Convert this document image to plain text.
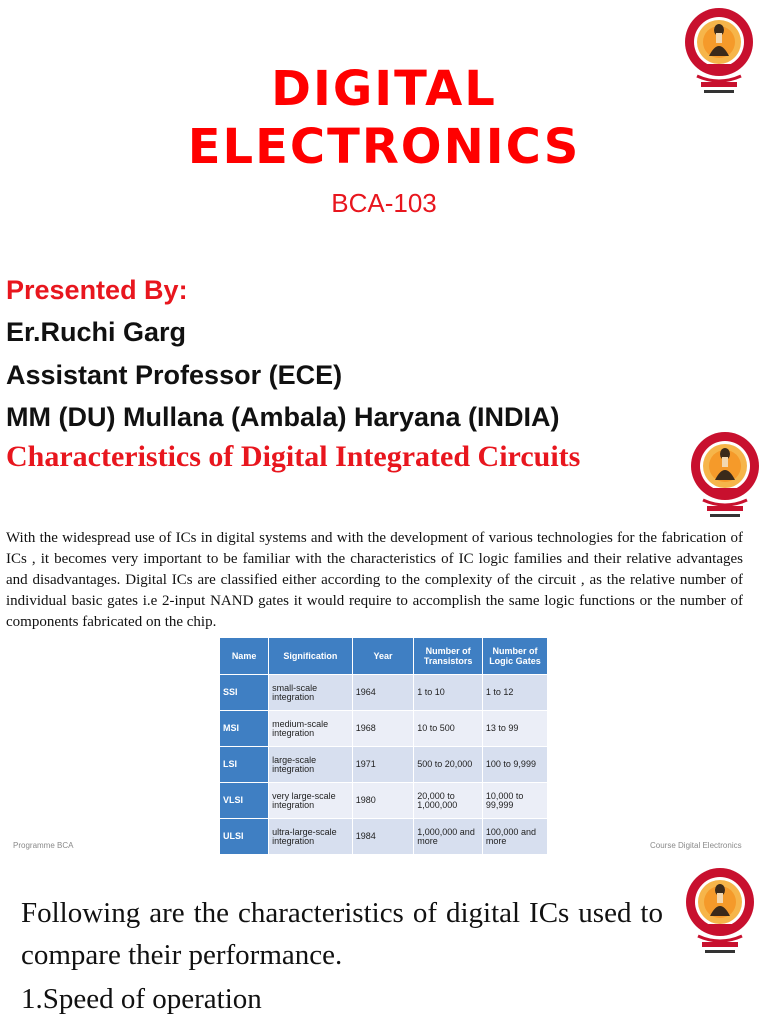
DIGITAL
ELECTRONICS
BCA-103
Presented By:
Er.Ruchi Garg
Assistant Professor (ECE)
MM (DU) Mullana (Ambala) Haryana (INDIA)
Characteristics of Digital Integrated Circuits
With the widespread use of ICs in digital systems and with the development of various technologies for the fabrication of ICs , it becomes very important to be familiar with the characteristics of IC logic families and their relative advantages and disadvantages. Digital ICs are classified either according to the complexity of the circuit , as the relative number of individual basic gates i.e 2-input NAND gates it would require to accomplish the same logic functions or the number of components fabricated on the chip.
Name	Signification	Year	Number of Transistors	Number of Logic Gates
SSI	small-scale integration	1964	1 to 10	1 to 12
MSI	medium-scale integration	1968	10 to 500	13 to 99
LSI	large-scale integration	1971	500 to 20,000	100 to 9,999
VLSI	very large-scale integration	1980	20,000 to 1,000,000	10,000 to 99,999
ULSI	ultra-large-scale integration	1984	1,000,000 and more	100,000 and more
Programme BCA	Course Digital Electronics
Following are the characteristics of digital ICs used to compare their performance.
1.Speed of operation
